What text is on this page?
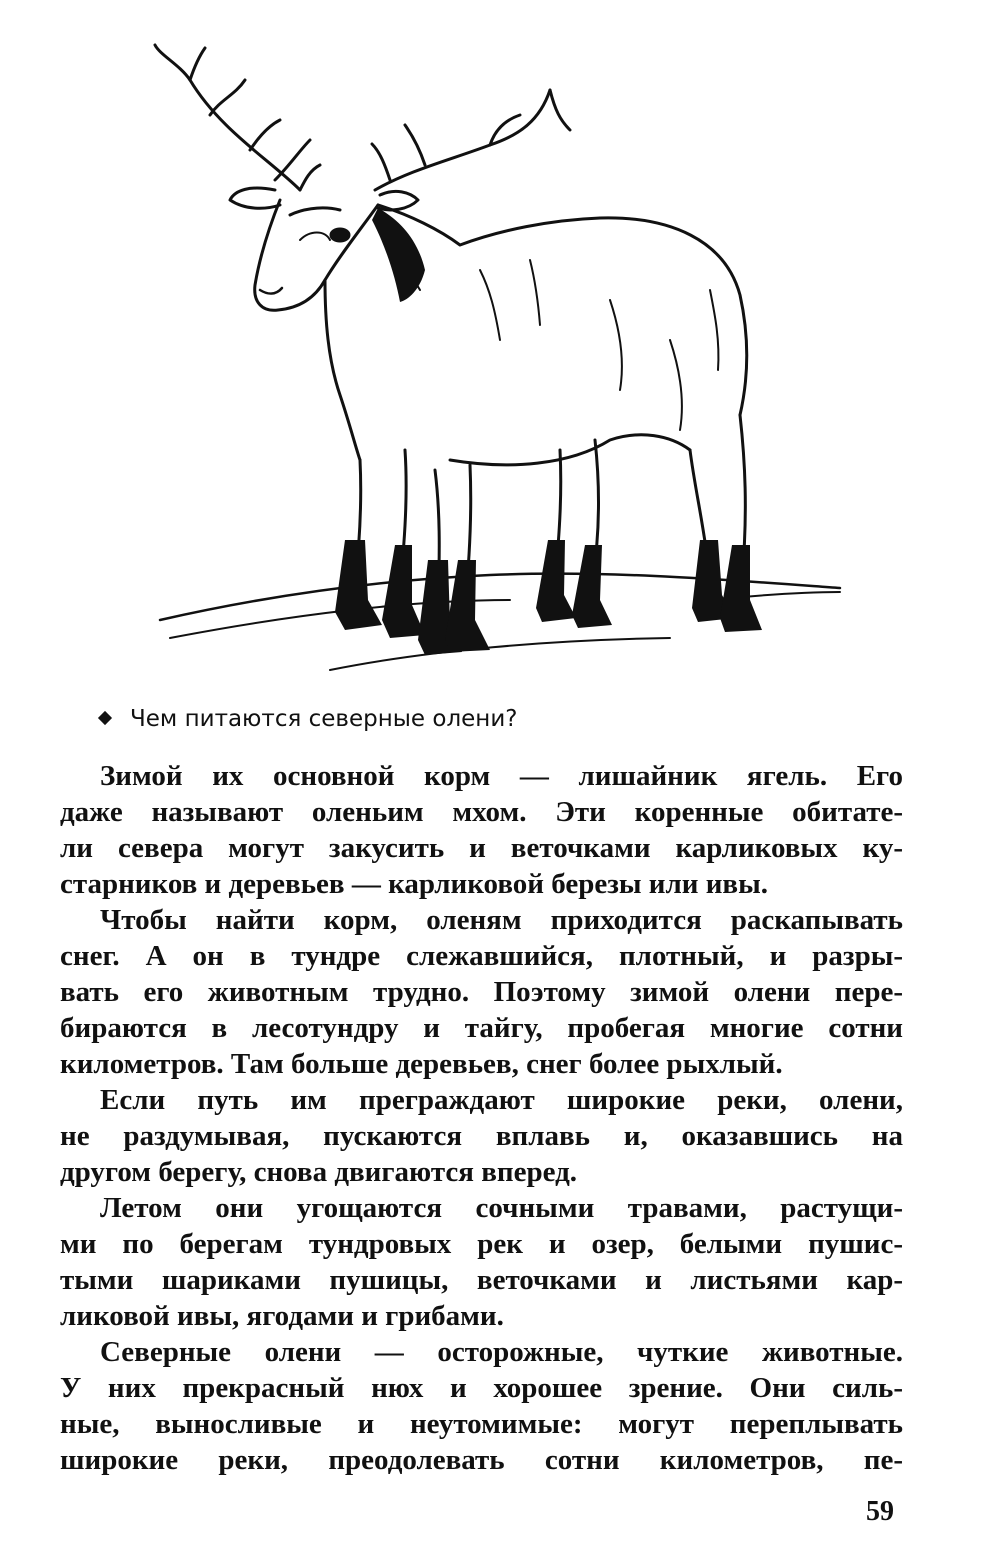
Чем питаются северные олени?

Зимой их основной корм — лишайник ягель. Его
даже называют оленьим мхом. Эти коренные обитате-
ли севера могут закусить и веточками карликовых ку-
старников и деревьев — карликовой березы или ивы.

Чтобы найти корм, оленям приходится раскапывать
снег. А он в тундре слежавшийся, плотный, и разры-
вать его животным трудно. Поэтому зимой олени пере-
бираются в лесотундру и тайгу, пробегая многие сотни
километров. Там больше деревьев, снег более рыхлый.

Если путь им преграждают широкие реки, олени,
не раздумывая, пускаются вплавь и, оказавшись на
другом берегу, снова двигаются вперед.

Летом они угощаются сочными травами, растущи-
ми по берегам тундровых рек и озер, белыми пушис-
тыми шариками пушицы, веточками и листьями кар-
ликовой ивы, ягодами и грибами.

Северные олени — осторожные, чуткие животные.
У них прекрасный нюх и хорошее зрение. Они силь-
ные, выносливые и неутомимые: могут переплывать
широкие реки, преодолевать сотни километров, пе-

59
